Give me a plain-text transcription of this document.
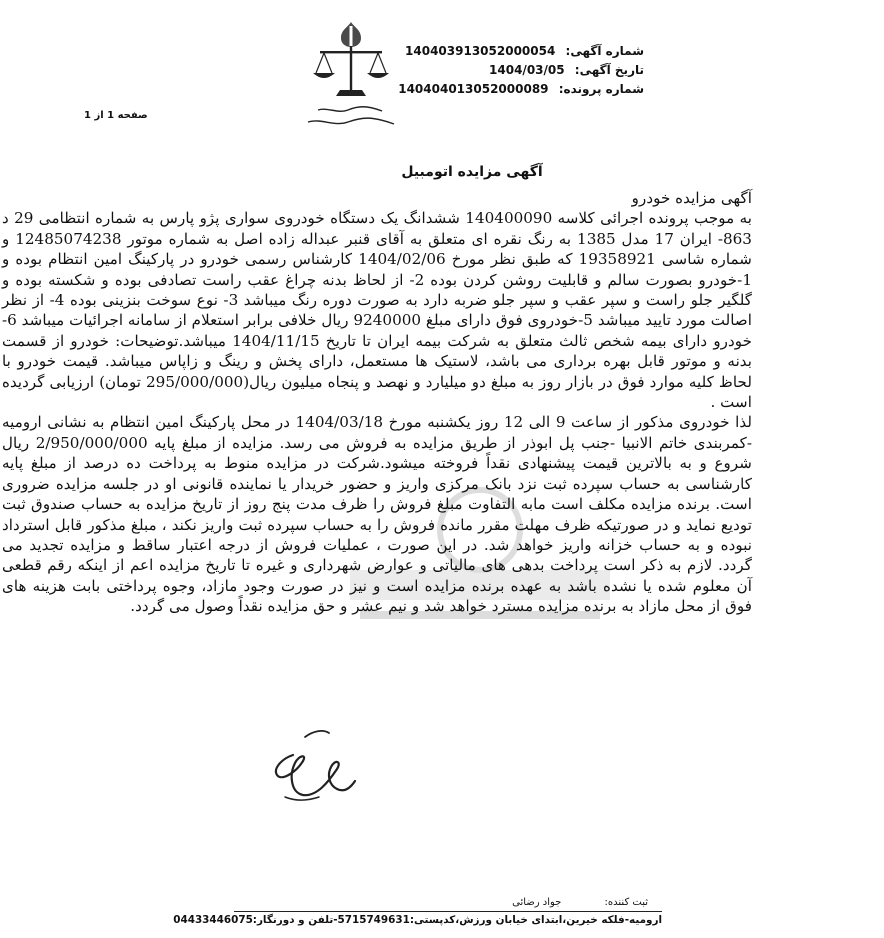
شماره آگهی: 140403913052000054
تاریخ آگهی: 1404/03/05
شماره پرونده: 140404013052000089
صفحه 1 از 1
آگهی مزایده اتومبیل

آگهی مزایده خودرو

به موجب پرونده اجرائی کلاسه 140400090 ششدانگ یک دستگاه خودروی سواری پژو پارس به شماره انتظامی 29 د 863- ایران 17 مدل 1385 به رنگ نقره ای متعلق به آقای قنبر عبداله زاده اصل به شماره موتور 12485074238 و شماره شاسی 19358921 که طبق نظر مورخ 1404/02/06 کارشناس رسمی خودرو در پارکینگ امین انتظام بوده و 1-خودرو بصورت سالم و قابلیت روشن کردن بوده 2- از لحاظ بدنه چراغ عقب راست تصادفی بوده و شکسته بوده و گلگیر جلو راست و سپر عقب و سپر جلو ضربه دارد به صورت دوره رنگ میباشد 3- نوع سوخت بنزینی بوده 4- از نظر اصالت مورد تایید میباشد 5-خودروی فوق دارای مبلغ 9240000 ریال خلافی برابر استعلام از سامانه اجرائیات میباشد 6-خودرو دارای بیمه شخص ثالث متعلق به شرکت بیمه ایران تا تاریخ 1404/11/15 میباشد.توضیحات: خودرو از قسمت بدنه و موتور قابل بهره برداری می باشد، لاستیک ها مستعمل، دارای پخش و رینگ و زاپاس میباشد. قیمت خودرو با لحاظ کلیه موارد فوق در بازار روز به مبلغ دو میلیارد و نهصد و پنجاه میلیون ریال(295/000/000 تومان) ارزیابی گردیده است .

لذا خودروی مذکور از ساعت 9 الی 12 روز یکشنبه مورخ 1404/03/18 در محل پارکینگ امین انتظام به نشانی ارومیه -کمربندی خاتم الانبیا -جنب پل ابوذر از طریق مزایده به فروش می رسد. مزایده از مبلغ پایه 2/950/000/000 ریال شروع و به بالاترین قیمت پیشنهادی نقداً فروخته میشود.شرکت در مزایده منوط به پرداخت ده درصد از مبلغ پایه کارشناسی به حساب سپرده ثبت نزد بانک مرکزی واریز و حضور خریدار یا نماینده قانونی او در جلسه مزایده ضروری است. برنده مزایده مکلف است مابه التفاوت مبلغ فروش را ظرف مدت پنج روز از تاریخ مزایده به حساب صندوق ثبت تودیع نماید و در صورتیکه ظرف مهلت مقرر مانده فروش را به حساب سپرده ثبت واریز نکند ، مبلغ مذکور قابل استرداد نبوده و به حساب خزانه واریز خواهد شد. در این صورت ، عملیات فروش از درجه اعتبار ساقط و مزایده تجدید می گردد. لازم به ذکر است پرداخت بدهی های مالیاتی و عوارض شهرداری و غیره تا تاریخ مزایده اعم از اینکه رقم قطعی آن معلوم شده یا نشده باشد به عهده برنده مزایده است و نیز در صورت وجود مازاد، وجوه پرداختی بابت هزینه های فوق از محل مازاد به برنده مزایده مسترد خواهد شد و نیم عشر و حق مزایده نقداً وصول می گردد.

ثبت کننده: جواد رضائی
ارومیه-فلکه خیرین،ابتدای خیابان ورزش،کدپستی:5715749631-تلفن و دورنگار:04433446075
